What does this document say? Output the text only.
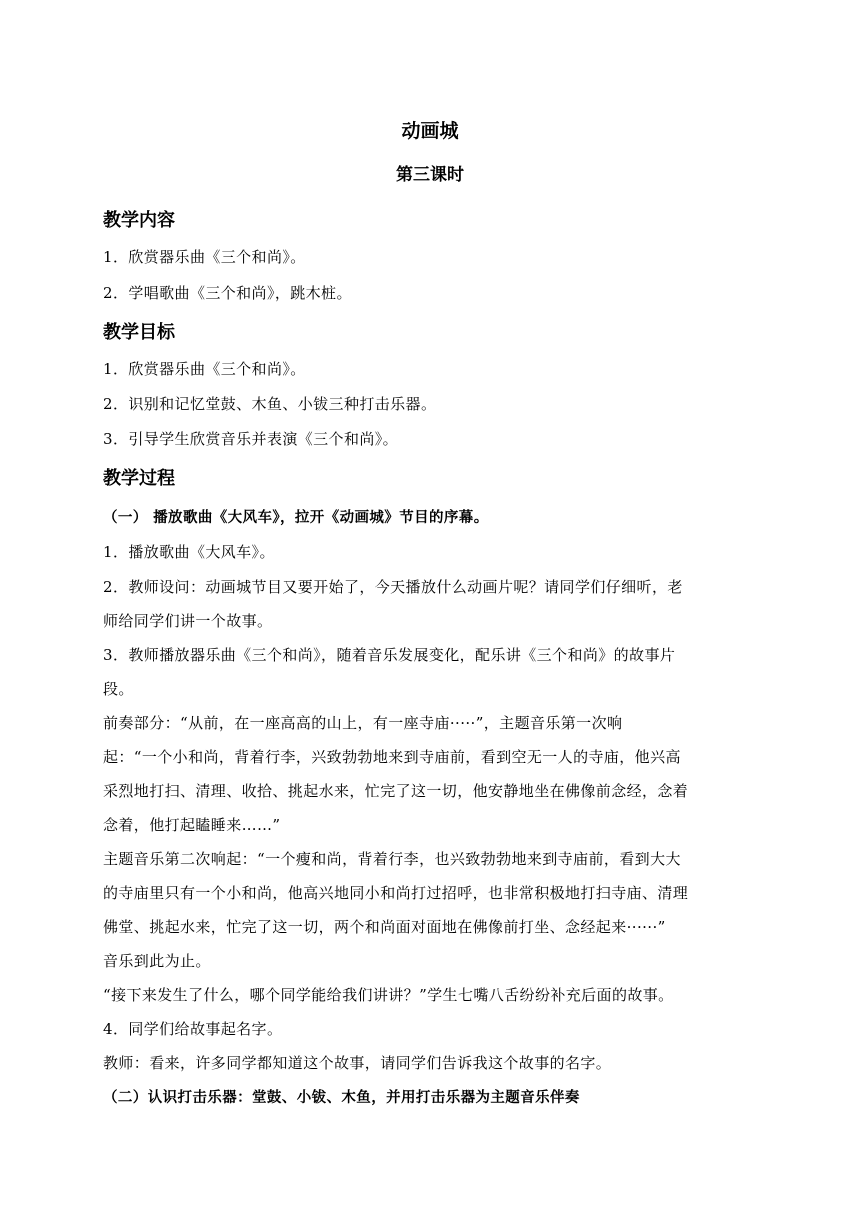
动画城
第三课时
教学内容
1．欣赏器乐曲《三个和尚》。
2．学唱歌曲《三个和尚》，跳木桩。
教学目标
1．欣赏器乐曲《三个和尚》。
2．识别和记忆堂鼓、木鱼、小钹三种打击乐器。
3．引导学生欣赏音乐并表演《三个和尚》。
教学过程
（一） 播放歌曲《大风车》，拉开《动画城》节目的序幕。
1．播放歌曲《大风车》。
2．教师设问：动画城节目又要开始了，今天播放什么动画片呢？请同学们仔细听，老
师给同学们讲一个故事。
3．教师播放器乐曲《三个和尚》，随着音乐发展变化，配乐讲《三个和尚》的故事片
段。
前奏部分：“从前，在一座高高的山上，有一座寺庙·····”，主题音乐第一次响
起：“一个小和尚，背着行李，兴致勃勃地来到寺庙前，看到空无一人的寺庙，他兴高
采烈地打扫、清理、收拾、挑起水来，忙完了这一切，他安静地坐在佛像前念经，念着
念着，他打起瞌睡来……”
主题音乐第二次响起：“一个瘦和尚，背着行李，也兴致勃勃地来到寺庙前，看到大大
的寺庙里只有一个小和尚，他高兴地同小和尚打过招呼，也非常积极地打扫寺庙、清理
佛堂、挑起水来，忙完了这一切，两个和尚面对面地在佛像前打坐、念经起来······”
音乐到此为止。
“接下来发生了什么，哪个同学能给我们讲讲？”学生七嘴八舌纷纷补充后面的故事。
4．同学们给故事起名字。
教师：看来，许多同学都知道这个故事，请同学们告诉我这个故事的名字。
（二）认识打击乐器：堂鼓、小钹、木鱼，并用打击乐器为主题音乐伴奏
